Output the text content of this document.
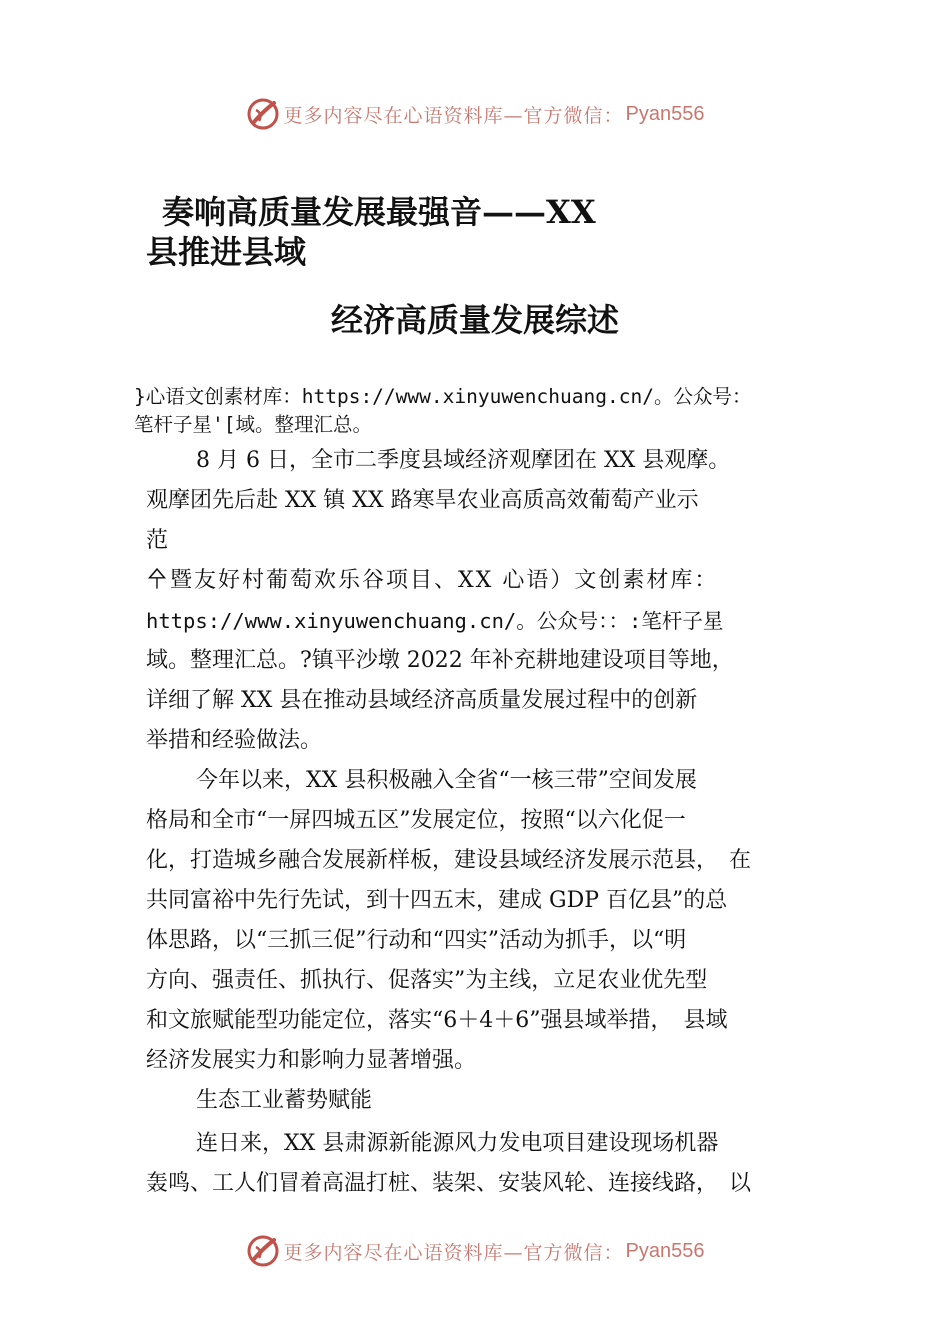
更多内容尽在心语资料库—官方微信： Pyan556
奏响高质量发展最强音——XX
县推进县域
经济高质量发展综述

}心语文创素材库：https://www.xinyuwenchuang.cn/。公众号：

笔杆子星'[域。整理汇总。

8 月 6 日，全市二季度县域经济观摩团在 XX 县观摩。

观摩团先后赴 XX 镇 XX 路寒旱农业高质高效葡萄产业示

范

㐃暨友好村葡萄欢乐谷项目、XX 心语）文创素材库：

https://www.xinyuwenchuang.cn/。公众号：：:笔杆子星

域。整理汇总。?镇平沙墩 2022 年补充耕地建设项目等地，

详细了解 XX 县在推动县域经济高质量发展过程中的创新

举措和经验做法。

今年以来，XX 县积极融入全省“一核三带”空间发展

格局和全市“一屏四城五区”发展定位，按照“以六化促一

化，打造城乡融合发展新样板，建设县域经济发展示范县，　在

共同富裕中先行先试，到十四五末，建成 GDP 百亿县”的总

体思路，以“三抓三促”行动和“四实”活动为抓手，以“明

方向、强责任、抓执行、促落实”为主线，立足农业优先型

和文旅赋能型功能定位，落实“6＋4＋6”强县域举措，　县域

经济发展实力和影响力显著增强。

生态工业蓄势赋能

连日来，XX 县肃源新能源风力发电项目建设现场机器

轰鸣、工人们冒着高温打桩、装架、安装风轮、连接线路，　以

更多内容尽在心语资料库—官方微信： Pyan556
